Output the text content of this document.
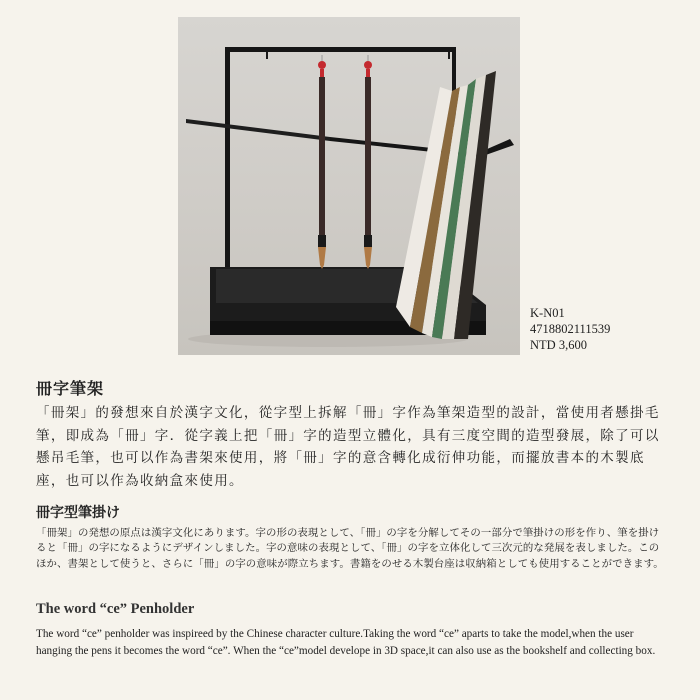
K-N01
4718802111539
NTD 3,600
冊字筆架

「冊架」的發想來自於漢字文化，從字型上拆解「冊」字作為筆架造型的設計，當使用者懸掛毛筆，即成為「冊」字．從字義上把「冊」字的造型立體化，具有三度空間的造型發展，除了可以懸吊毛筆，也可以作為書架來使用，將「冊」字的意含轉化成衍伸功能，而擺放書本的木製底座，也可以作為收納盒來使用。

冊字型筆掛け

「冊架」の発想の原点は漢字文化にあります。字の形の表現として、「冊」の字を分解してその一部分で筆掛けの形を作り、筆を掛けると「冊」の字になるようにデザインしました。字の意味の表現として、「冊」の字を立体化して三次元的な発展を表しました。このほか、書架として使うと、さらに「冊」の字の意味が際立ちます。書籍をのせる木製台座は収納箱としても使用することができます。

The word “ce” Penholder

The word “ce” penholder was inspireed by the Chinese character culture.Taking the word “ce” aparts to take the model,when the user hanging the pens it becomes the word “ce”. When the “ce”model develope in 3D space,it can also use as the bookshelf and collecting box.
